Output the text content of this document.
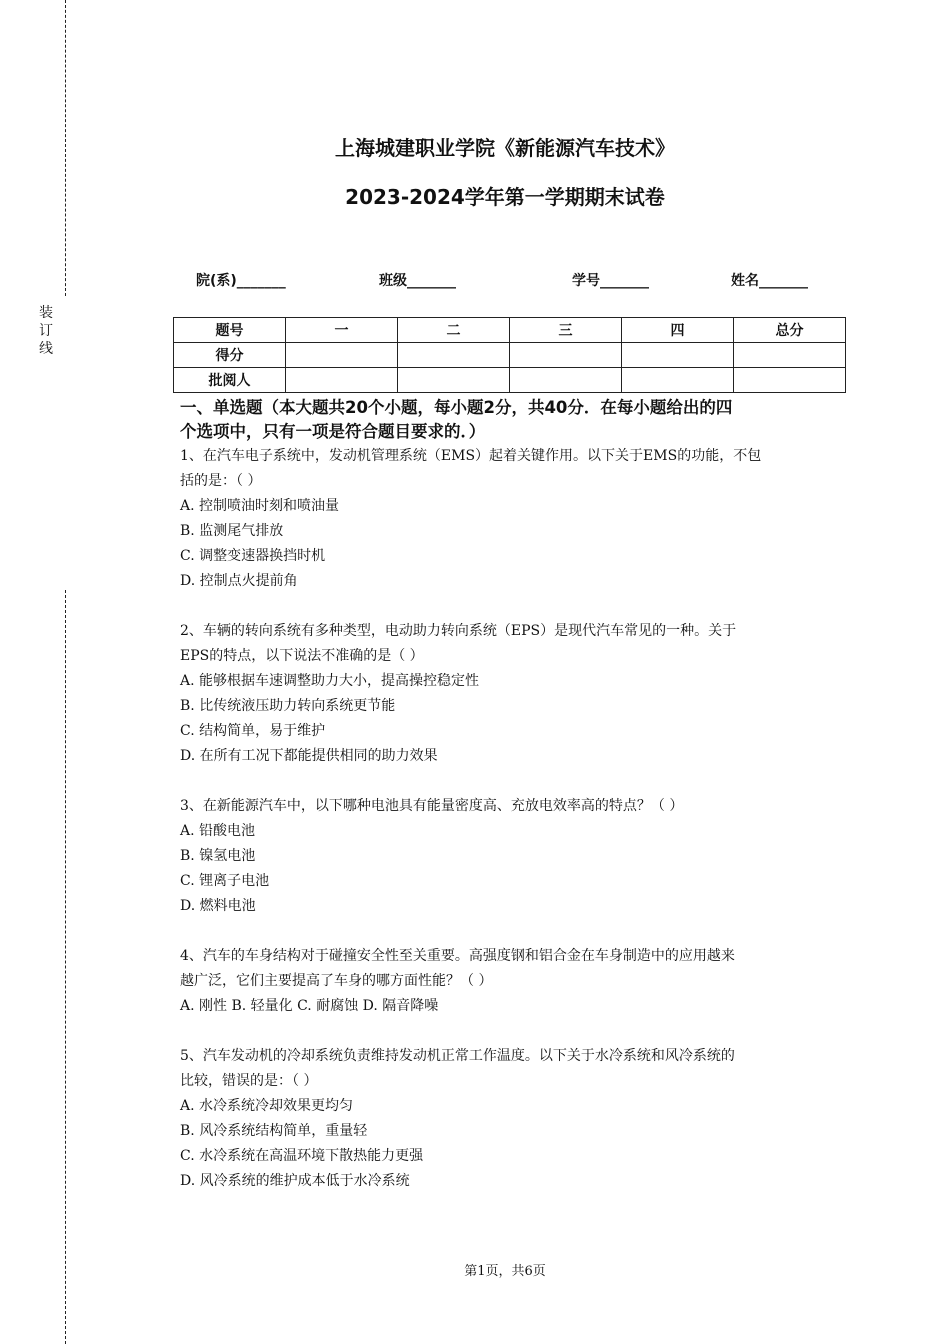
装
订
线
上海城建职业学院《新能源汽车技术》
2023-2024学年第一学期期末试卷
院(系)_______	班级_______	学号_______	姓名_______
题号	一	二	三	四	总分
得分					
批阅人					

一、单选题（本大题共20个小题，每小题2分，共40分．在每小题给出的四

个选项中，只有一项是符合题目要求的．）

1、在汽车电子系统中，发动机管理系统（EMS）起着关键作用。以下关于EMS的功能，不包

括的是：（ ）

A. 控制喷油时刻和喷油量

B. 监测尾气排放

C. 调整变速器换挡时机

D. 控制点火提前角

2、车辆的转向系统有多种类型，电动助力转向系统（EPS）是现代汽车常见的一种。关于

EPS的特点，以下说法不准确的是（ ）

A. 能够根据车速调整助力大小，提高操控稳定性

B. 比传统液压助力转向系统更节能

C. 结构简单，易于维护

D. 在所有工况下都能提供相同的助力效果

3、在新能源汽车中，以下哪种电池具有能量密度高、充放电效率高的特点？（ ）

A. 铅酸电池

B. 镍氢电池

C. 锂离子电池

D. 燃料电池

4、汽车的车身结构对于碰撞安全性至关重要。高强度钢和铝合金在车身制造中的应用越来

越广泛，它们主要提高了车身的哪方面性能？（ ）

A. 刚性 B. 轻量化 C. 耐腐蚀 D. 隔音降噪

5、汽车发动机的冷却系统负责维持发动机正常工作温度。以下关于水冷系统和风冷系统的

比较，错误的是：（ ）

A. 水冷系统冷却效果更均匀

B. 风冷系统结构简单，重量轻

C. 水冷系统在高温环境下散热能力更强

D. 风冷系统的维护成本低于水冷系统

第1页，共6页
